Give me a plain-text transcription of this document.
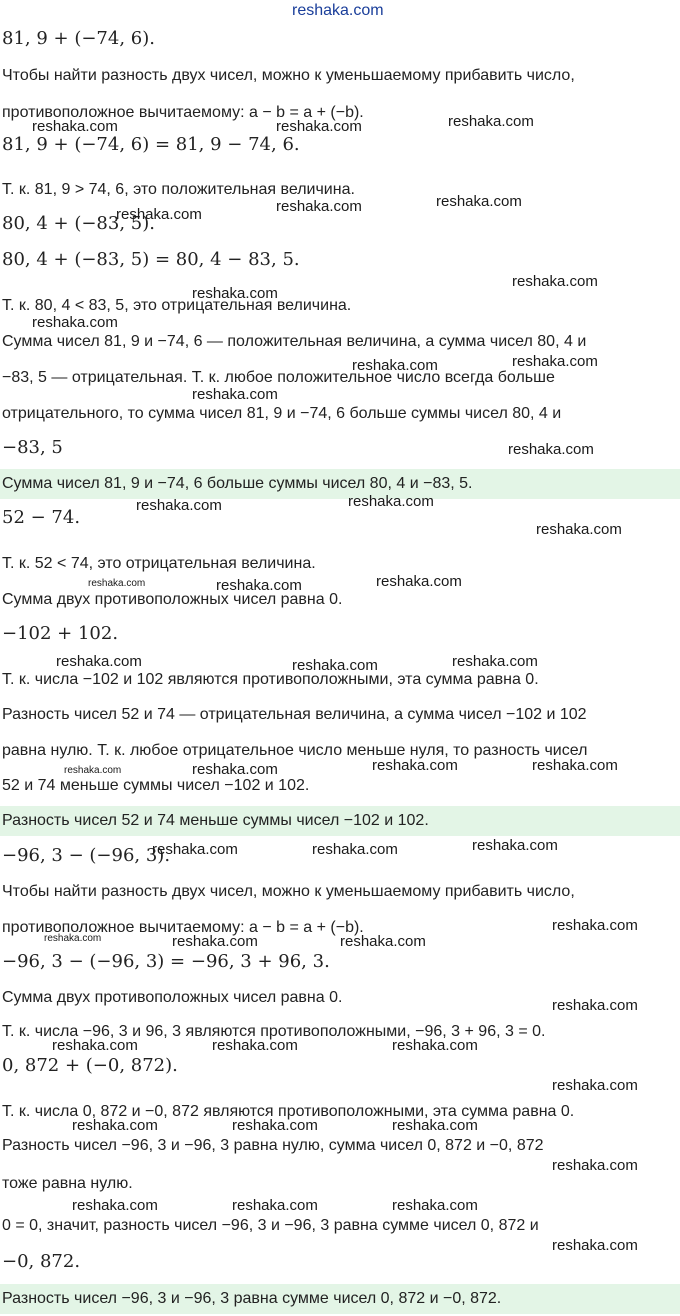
reshaka.com
81, 9 + (−74, 6).
Чтобы найти разность двух чисел, можно к уменьшаемому прибавить число,
противоположное вычитаемому: a − b = a + (−b).
81, 9 + (−74, 6) = 81, 9 − 74, 6.
Т. к. 81, 9 > 74, 6, это положительная величина.
80, 4 + (−83, 5).
80, 4 + (−83, 5) = 80, 4 − 83, 5.
Т. к. 80, 4 < 83, 5, это отрицательная величина.
Сумма чисел 81, 9 и −74, 6 — положительная величина, а сумма чисел 80, 4 и
−83, 5 — отрицательная. Т. к. любое положительное число всегда больше
отрицательного, то сумма чисел 81, 9 и −74, 6 больше суммы чисел 80, 4 и
−83, 5
Сумма чисел 81, 9 и −74, 6 больше суммы чисел 80, 4 и −83, 5.
52 − 74.
Т. к. 52 < 74, это отрицательная величина.
Сумма двух противоположных чисел равна 0.
−102 + 102.
Т. к. числа −102 и 102 являются противоположными, эта сумма равна 0.
Разность чисел 52 и 74 — отрицательная величина, а сумма чисел −102 и 102
равна нулю. Т. к. любое отрицательное число меньше нуля, то разность чисел
52 и 74 меньше суммы чисел −102 и 102.
Разность чисел 52 и 74 меньше суммы чисел −102 и 102.
−96, 3 − (−96, 3).
Чтобы найти разность двух чисел, можно к уменьшаемому прибавить число,
противоположное вычитаемому: a − b = a + (−b).
−96, 3 − (−96, 3) = −96, 3 + 96, 3.
Сумма двух противоположных чисел равна 0.
Т. к. числа −96, 3 и 96, 3 являются противоположными, −96, 3 + 96, 3 = 0.
0, 872 + (−0, 872).
Т. к. числа 0, 872 и −0, 872 являются противоположными, эта сумма равна 0.
Разность чисел −96, 3 и −96, 3 равна нулю, сумма чисел 0, 872 и −0, 872
тоже равна нулю.
0 = 0, значит, разность чисел −96, 3 и −96, 3 равна сумме чисел 0, 872 и
−0, 872.
Разность чисел −96, 3 и −96, 3 равна сумме чисел 0, 872 и −0, 872.
reshaka.com	reshaka.com	reshaka.com
reshaka.com
reshaka.com
reshaka.com
reshaka.com
reshaka.com
reshaka.com
reshaka.com	reshaka.com
reshaka.com
reshaka.com
reshaka.com
reshaka.com
reshaka.com
reshaka.com
reshaka.com	reshaka.com
reshaka.com	reshaka.com	reshaka.com
reshaka.com	reshaka.com
reshaka.com	reshaka.com
reshaka.com
reshaka.com	reshaka.com
reshaka.com
reshaka.com	reshaka.com	reshaka.com
reshaka.com
reshaka.com	reshaka.com	reshaka.com
reshaka.com
reshaka.com	reshaka.com	reshaka.com
reshaka.com
reshaka.com	reshaka.com	reshaka.com
reshaka.com
